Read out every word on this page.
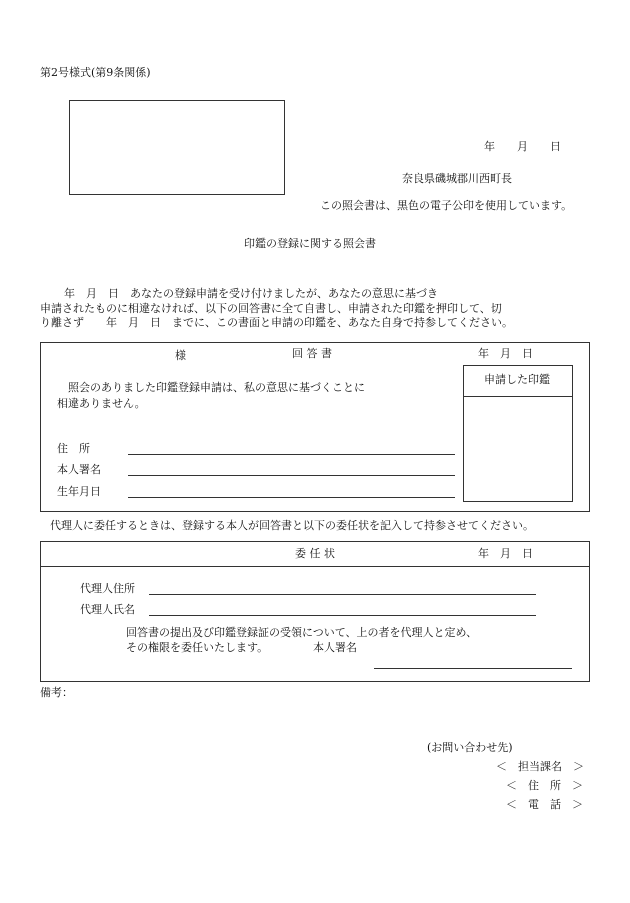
第2号様式(第9条関係)
年　　月　　日
奈良県磯城郡川西町長
この照会書は、黒色の電子公印を使用しています。
印鑑の登録に関する照会書
年　月　日　あなたの登録申請を受け付けましたが、あなたの意思に基づき
申請されたものに相違なければ、以下の回答書に全て自書し、申請された印鑑を押印して、切
り離さず　　年　月　日　までに、この書面と申請の印鑑を、あなた自身で持参してください。
様	回 答 書	年　月　日
申請した印鑑
照会のありました印鑑登録申請は、私の意思に基づくことに
相違ありません。
住　所
本人署名
生年月日
代理人に委任するときは、登録する本人が回答書と以下の委任状を記入して持参させてください。
委 任 状	年　月　日
代理人住所
代理人氏名
回答書の提出及び印鑑登録証の受領について、上の者を代理人と定め、
その権限を委任いたします。	本人署名
備考：
(お問い合わせ先)
＜　担当課名　＞
＜　住　所　＞
＜　電　話　＞
